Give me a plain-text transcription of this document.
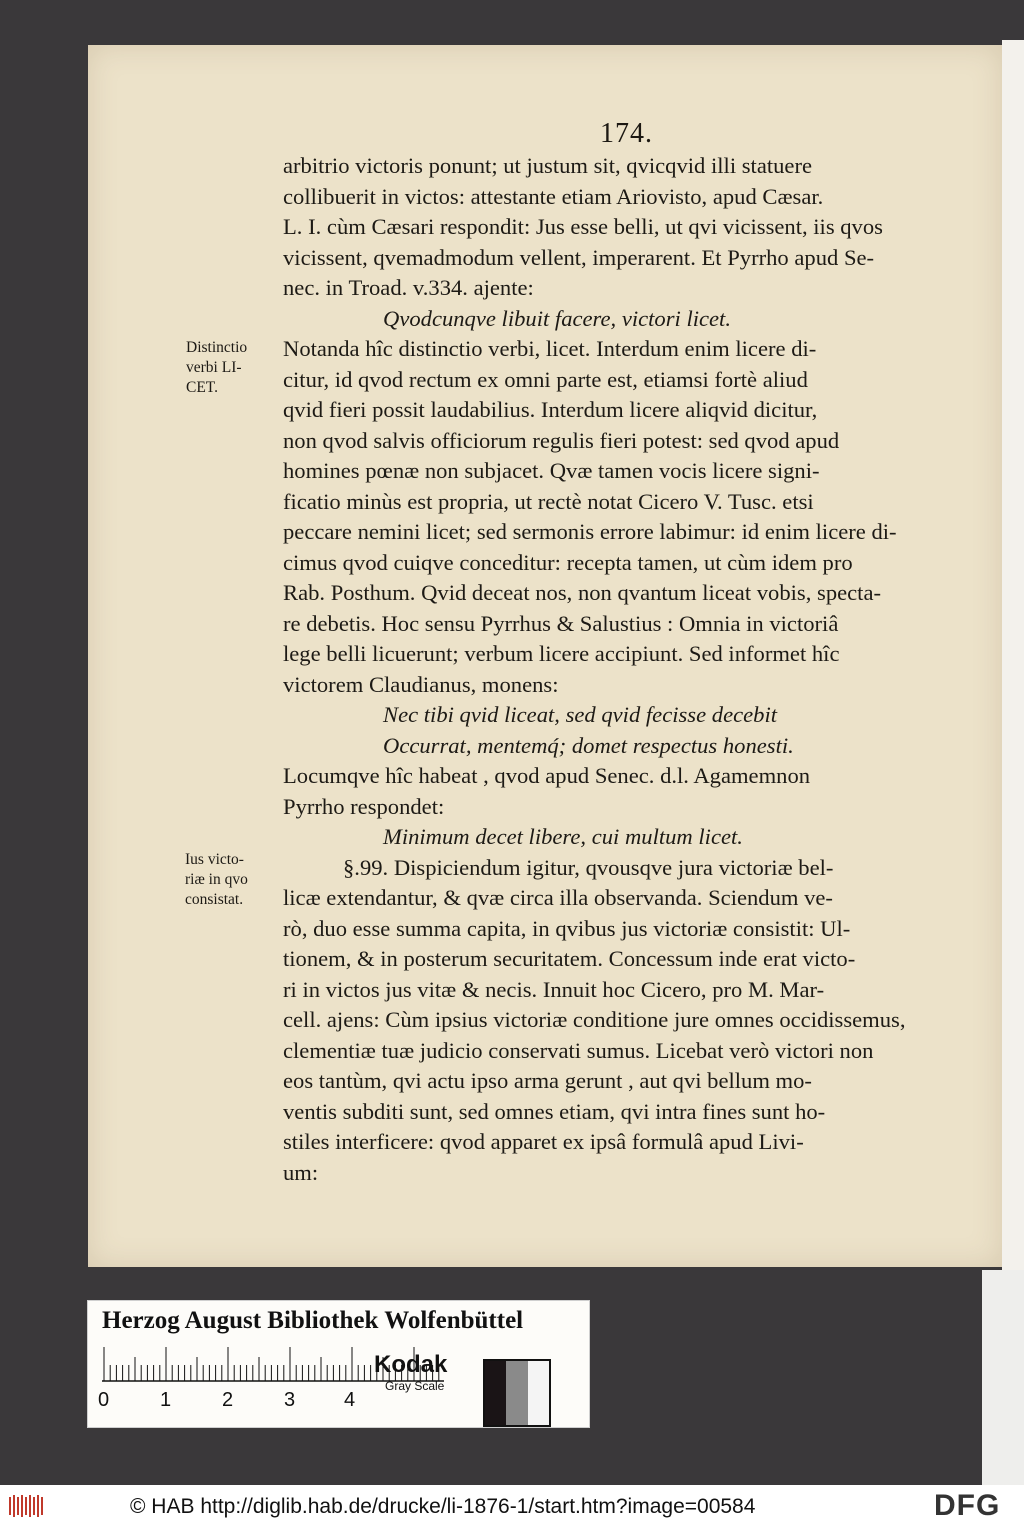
174.
arbitrio victoris ponunt; ut justum sit, qvicqvid illi statuere
collibuerit in victos: attestante etiam Ariovisto, apud Cæsar.
L. I. cùm Cæsari respondit: Jus esse belli, ut qvi vicissent, iis qvos
vicissent, qvemadmodum vellent, imperarent. Et Pyrrho apud Se-
nec. in Troad. v.334. ajente:
Qvodcunqve libuit facere, victori licet.
Notanda hîc distinctio verbi, licet. Interdum enim licere di-
citur, id qvod rectum ex omni parte est, etiamsi fortè aliud
qvid fieri possit laudabilius. Interdum licere aliqvid dicitur,
non qvod salvis officiorum regulis fieri potest: sed qvod apud
homines pœnæ non subjacet. Qvæ tamen vocis licere signi-
ficatio minùs est propria, ut rectè notat Cicero V. Tusc. etsi
peccare nemini licet; sed sermonis errore labimur: id enim licere di-
cimus qvod cuiqve conceditur: recepta tamen, ut cùm idem pro
Rab. Posthum. Qvid deceat nos, non qvantum liceat vobis, specta-
re debetis. Hoc sensu Pyrrhus & Salustius : Omnia in victoriâ
lege belli licuerunt; verbum licere accipiunt. Sed informet hîc
victorem Claudianus, monens:
Nec tibi qvid liceat, sed qvid fecisse decebit
Occurrat, mentemq́; domet respectus honesti.
Locumqve hîc habeat , qvod apud Senec. d.l. Agamemnon
Pyrrho respondet:
Minimum decet libere, cui multum licet.
§.99. Dispiciendum igitur, qvousqve jura victoriæ bel-
licæ extendantur, & qvæ circa illa observanda. Sciendum ve-
rò, duo esse summa capita, in qvibus jus victoriæ consistit: Ul-
tionem, & in posterum securitatem. Concessum inde erat victo-
ri in victos jus vitæ & necis. Innuit hoc Cicero, pro M. Mar-
cell. ajens: Cùm ipsius victoriæ conditione jure omnes occidissemus,
clementiæ tuæ judicio conservati sumus. Licebat verò victori non
eos tantùm, qvi actu ipso arma gerunt , aut qvi bellum mo-
ventis subditi sunt, sed omnes etiam, qvi intra fines sunt ho-
stiles interficere: qvod apparet ex ipsâ formulâ apud Livi-
um:
Distinctio
verbi LI-
CET.
Ius victo-
riæ in qvo
consistat.
Herzog August Bibliothek Wolfenbüttel
0	1	2	3 4
Kodak
Gray Scale
© HAB http://diglib.hab.de/drucke/li-1876-1/start.htm?image=00584	DFG
